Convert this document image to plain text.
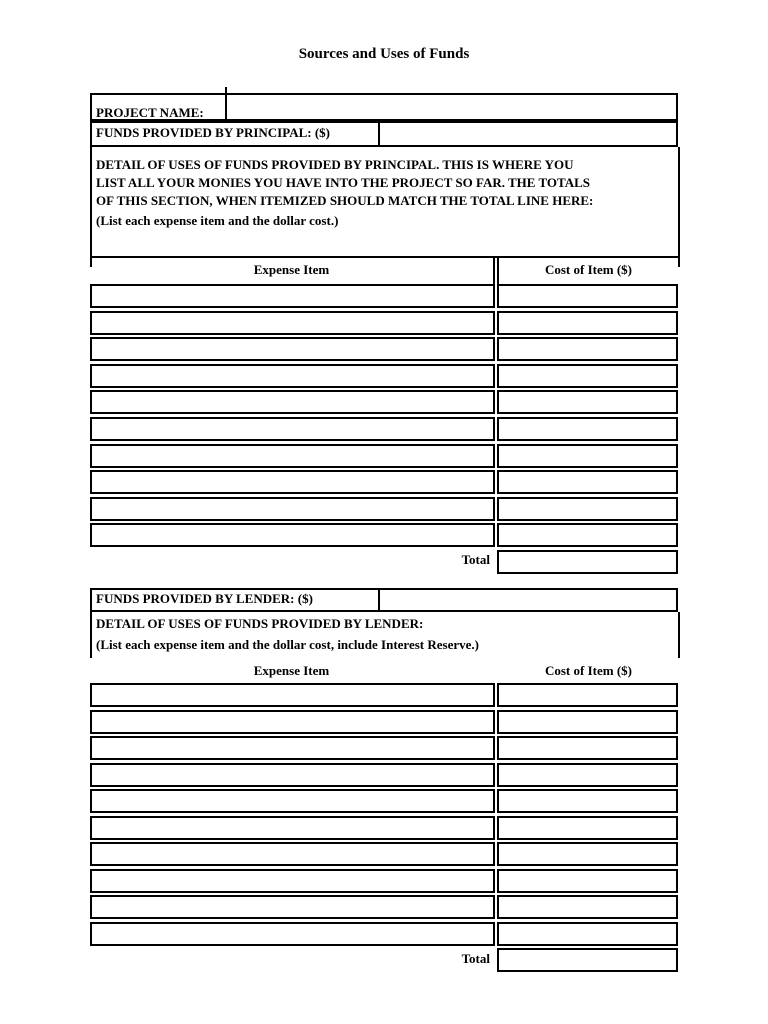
Sources and Uses of Funds
PROJECT NAME:
FUNDS PROVIDED BY PRINCIPAL: ($)
DETAIL OF USES OF FUNDS PROVIDED BY PRINCIPAL. THIS IS WHERE YOU
LIST ALL YOUR MONIES YOU HAVE INTO THE PROJECT SO FAR. THE TOTALS
OF THIS SECTION, WHEN ITEMIZED SHOULD MATCH THE TOTAL LINE HERE:
(List each expense item and the dollar cost.)
Expense Item	Cost of Item ($)
Total
FUNDS PROVIDED BY LENDER: ($)
DETAIL OF USES OF FUNDS PROVIDED BY LENDER:
(List each expense item and the dollar cost, include Interest Reserve.)
Expense Item	Cost of Item ($)
Total
